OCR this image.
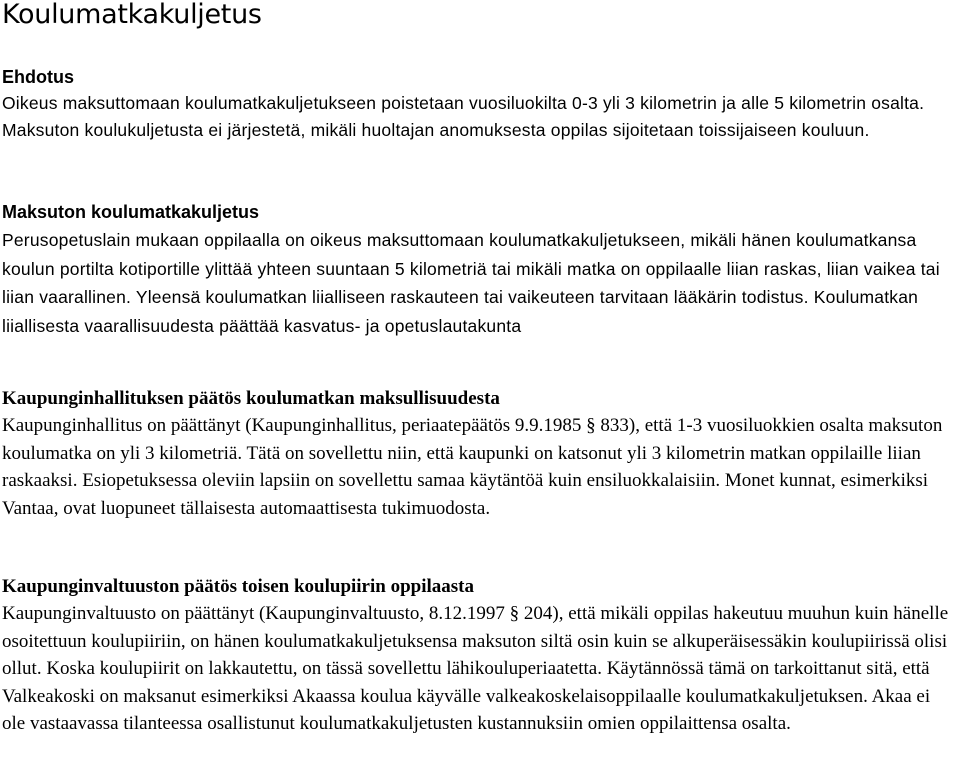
Koulumatkakuljetus
Ehdotus

Oikeus maksuttomaan koulumatkakuljetukseen poistetaan vuosiluokilta 0-3 yli 3 kilometrin ja alle 5 kilometrin osalta. Maksuton koulukuljetusta ei järjestetä, mikäli huoltajan anomuksesta oppilas sijoitetaan toissijaiseen kouluun.

Maksuton koulumatkakuljetus

Perusopetuslain mukaan oppilaalla on oikeus maksuttomaan koulumatkakuljetukseen, mikäli hänen koulumatkansa koulun portilta kotiportille ylittää yhteen suuntaan 5 kilometriä tai mikäli matka on oppilaalle liian raskas, liian vaikea tai liian vaarallinen. Yleensä koulumatkan liialliseen raskauteen tai vaikeuteen tarvitaan lääkärin todistus. Koulumatkan liiallisesta vaarallisuudesta päättää kasvatus- ja opetuslautakunta

Kaupunginhallituksen päätös koulumatkan maksullisuudesta

Kaupunginhallitus on päättänyt (Kaupunginhallitus, periaatepäätös 9.9.1985 § 833), että 1-3 vuosiluokkien osalta maksuton koulumatka on yli 3 kilometriä. Tätä on sovellettu niin, että kaupunki on katsonut yli 3 kilometrin matkan oppilaille liian raskaaksi. Esiopetuksessa oleviin lapsiin on sovellettu samaa käytäntöä kuin ensiluokkalaisiin. Monet kunnat, esimerkiksi Vantaa, ovat luopuneet tällaisesta automaattisesta tukimuodosta.

Kaupunginvaltuuston päätös toisen koulupiirin oppilaasta

Kaupunginvaltuusto on päättänyt (Kaupunginvaltuusto, 8.12.1997 § 204), että mikäli oppilas hakeutuu muuhun kuin hänelle osoitettuun koulupiiriin, on hänen koulumatkakuljetuksensa maksuton siltä osin kuin se alkuperäisessäkin koulupiirissä olisi ollut. Koska koulupiirit on lakkautettu, on tässä sovellettu lähikouluperiaatetta. Käytännössä tämä on tarkoittanut sitä, että Valkeakoski on maksanut esimerkiksi Akaassa koulua käyvälle valkeakoskelaisoppilaalle koulumatkakuljetuksen. Akaa ei ole vastaavassa tilanteessa osallistunut koulumatkakuljetusten kustannuksiin omien oppilaittensa osalta.
